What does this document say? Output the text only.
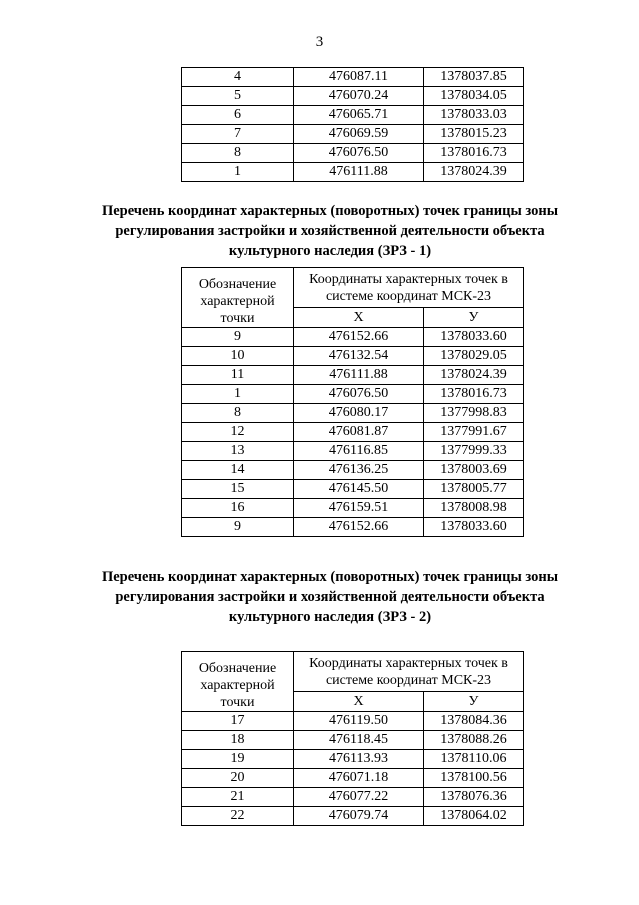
3
4	476087.11	1378037.85
5	476070.24	1378034.05
6	476065.71	1378033.03
7	476069.59	1378015.23
8	476076.50	1378016.73
1	476111.88	1378024.39
Перечень координат характерных (поворотных) точек границы зоны
регулирования застройки и хозяйственной деятельности объекта
культурного наследия (ЗРЗ - 1)
Обозначение характерной точки	Координаты характерных точек в системе координат МСК-23	
	X	У
9	476152.66	1378033.60
10	476132.54	1378029.05
11	476111.88	1378024.39
1	476076.50	1378016.73
8	476080.17	1377998.83
12	476081.87	1377991.67
13	476116.85	1377999.33
14	476136.25	1378003.69
15	476145.50	1378005.77
16	476159.51	1378008.98
9	476152.66	1378033.60
Перечень координат характерных (поворотных) точек границы зоны
регулирования застройки и хозяйственной деятельности объекта
культурного наследия (ЗРЗ - 2)
Обозначение характерной точки	Координаты характерных точек в системе координат МСК-23	
	X	У
17	476119.50	1378084.36
18	476118.45	1378088.26
19	476113.93	1378110.06
20	476071.18	1378100.56
21	476077.22	1378076.36
22	476079.74	1378064.02
